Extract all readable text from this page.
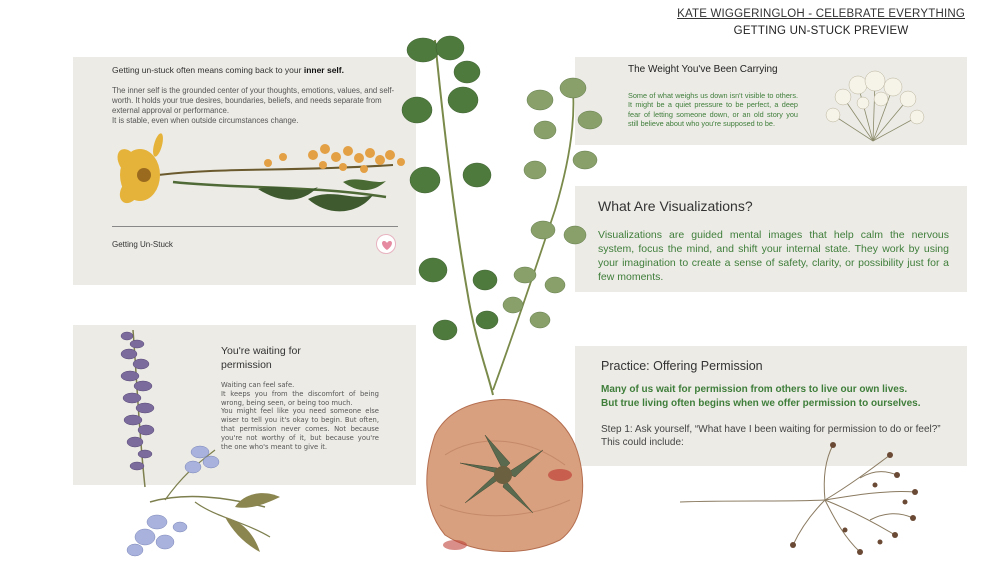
KATE WIGGERINGLOH - CELEBRATE EVERYTHING
GETTING UN-STUCK PREVIEW
Getting un-stuck often means coming back to your inner self.

The inner self is the grounded center of your thoughts, emotions, values, and self-worth. It holds your true desires, boundaries, beliefs, and needs separate from external approval or performance.

It is stable, even when outside circumstances change.

Getting Un-Stuck
The Weight You've Been Carrying
Some of what weighs us down isn't visible to others. It might be a quiet pressure to be perfect, a deep fear of letting someone down, or an old story you still believe about who you're supposed to be.
What Are Visualizations?
Visualizations are guided mental images that help calm the nervous system, focus the mind, and shift your internal state. They work by using your imagination to create a sense of safety, clarity, or possibility just for a few moments.
You're waiting for
permission

Waiting can feel safe.

It keeps you from the discomfort of being wrong, being seen, or being too much.

You might feel like you need someone else wiser to tell you it's okay to begin. But often, that permission never comes. Not because you're not worthy of it, but because you're the one who's meant to give it.

Practice: Offering Permission
Many of us wait for permission from others to live our own lives.
But true living often begins when we offer permission to ourselves.
Step 1: Ask yourself, “What have I been waiting for permission to do or feel?”
This could include:
